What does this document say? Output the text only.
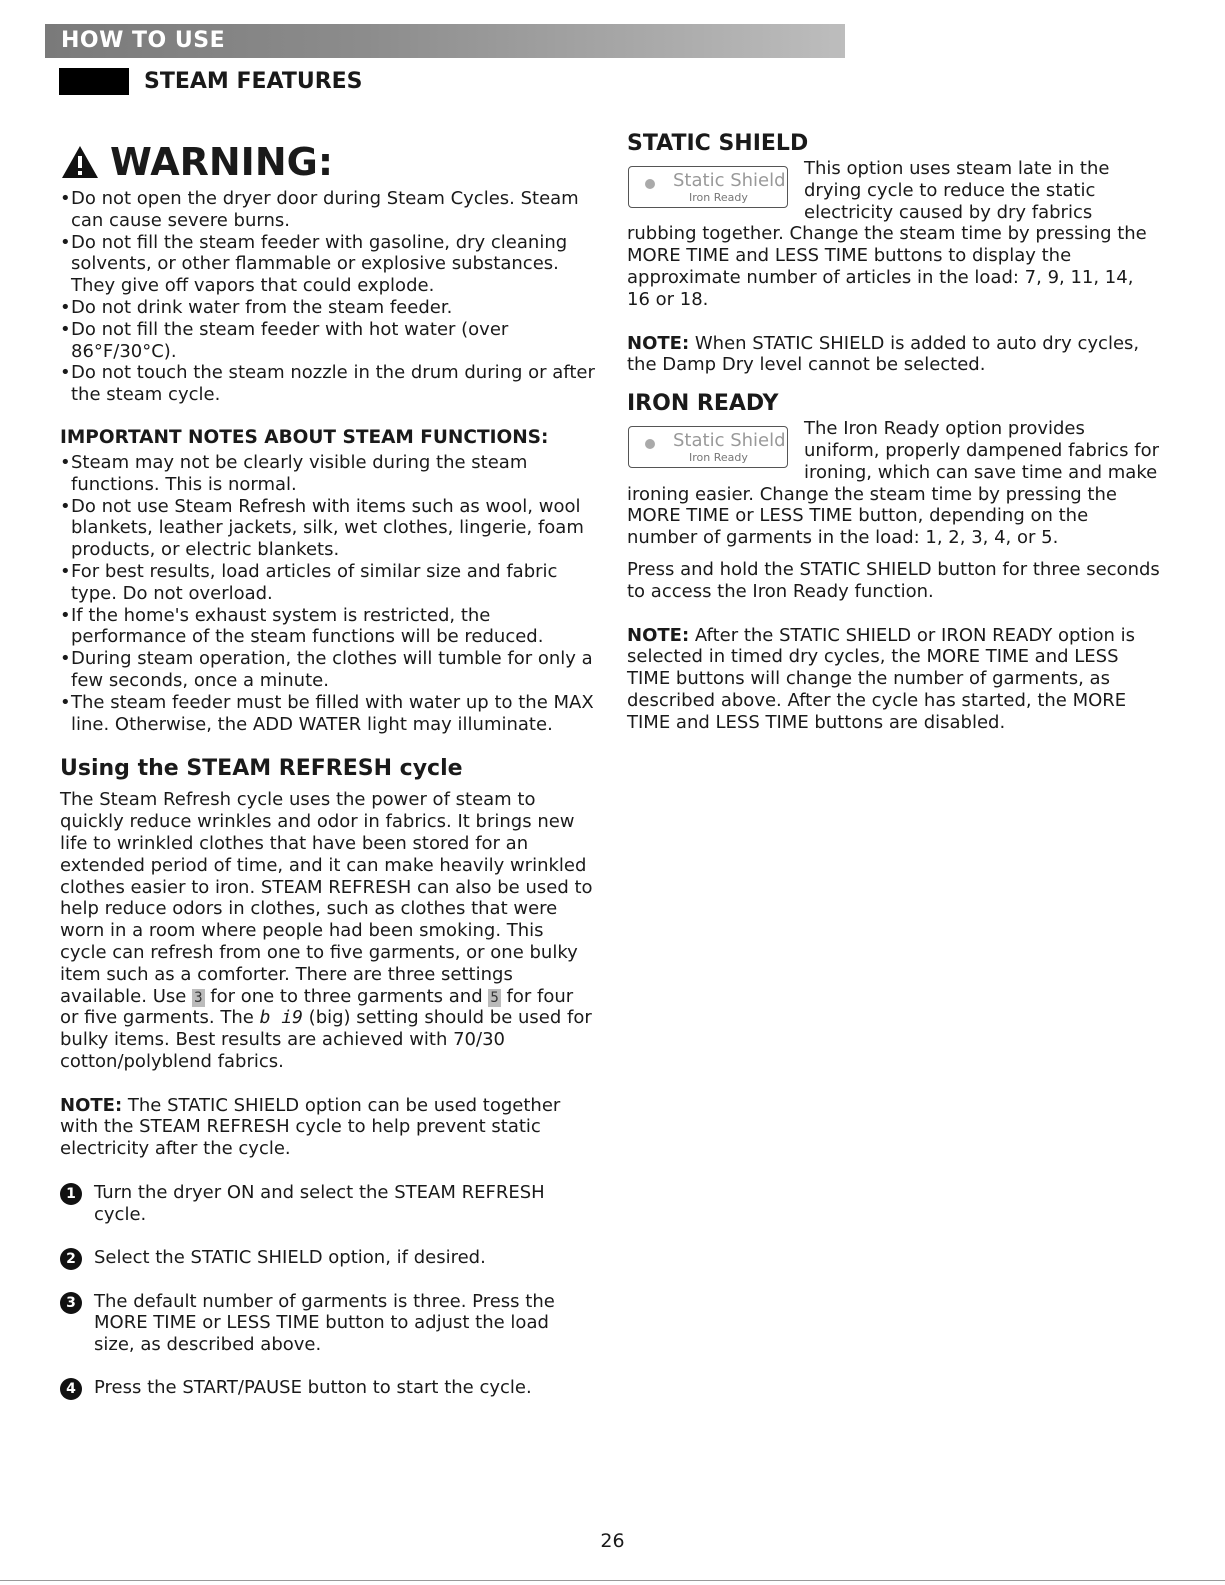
HOW TO USE
STEAM FEATURES
WARNING:
• Do not open the dryer door during Steam Cycles. Steam can cause severe burns.
• Do not fill the steam feeder with gasoline, dry cleaning solvents, or other flammable or explosive substances. They give off vapors that could explode.
• Do not drink water from the steam feeder.
• Do not fill the steam feeder with hot water (over 86°F/30°C).
• Do not touch the steam nozzle in the drum during or after the steam cycle.
IMPORTANT NOTES ABOUT STEAM FUNCTIONS:
• Steam may not be clearly visible during the steam functions. This is normal.
• Do not use Steam Refresh with items such as wool, wool blankets, leather jackets, silk, wet clothes, lingerie, foam products, or electric blankets.
• For best results, load articles of similar size and fabric type. Do not overload.
• If the home's exhaust system is restricted, the performance of the steam functions will be reduced.
• During steam operation, the clothes will tumble for only a few seconds, once a minute.
• The steam feeder must be filled with water up to the MAX line. Otherwise, the ADD WATER light may illuminate.
Using the STEAM REFRESH cycle

The Steam Refresh cycle uses the power of steam to quickly reduce wrinkles and odor in fabrics. It brings new life to wrinkled clothes that have been stored for an extended period of time, and it can make heavily wrinkled clothes easier to iron. STEAM REFRESH can also be used to help reduce odors in clothes, such as clothes that were worn in a room where people had been smoking. This cycle can refresh from one to five garments, or one bulky item such as a comforter. There are three settings available. Use 3 for one to three garments and 5 for four or five garments. The b i9 (big) setting should be used for bulky items. Best results are achieved with 70/30 cotton/polyblend fabrics.

NOTE: The STATIC SHIELD option can be used together with the STEAM REFRESH cycle to help prevent static electricity after the cycle.

1	Turn the dryer ON and select the STEAM REFRESH cycle.
2	Select the STATIC SHIELD option, if desired.
3	The default number of garments is three. Press the MORE TIME or LESS TIME button to adjust the load size, as described above.
4	Press the START/PAUSE button to start the cycle.
STATIC SHIELD
Static Shield
Iron Ready

This option uses steam late in the drying cycle to reduce the static electricity caused by dry fabrics rubbing together. Change the steam time by pressing the MORE TIME and LESS TIME buttons to display the approximate number of articles in the load: 7, 9, 11, 14, 16 or 18.

NOTE: When STATIC SHIELD is added to auto dry cycles, the Damp Dry level cannot be selected.

IRON READY
Static Shield
Iron Ready

The Iron Ready option provides uniform, properly dampened fabrics for ironing, which can save time and make ironing easier. Change the steam time by pressing the MORE TIME or LESS TIME button, depending on the number of garments in the load: 1, 2, 3, 4, or 5.

Press and hold the STATIC SHIELD button for three seconds to access the Iron Ready function.

NOTE: After the STATIC SHIELD or IRON READY option is selected in timed dry cycles, the MORE TIME and LESS TIME buttons will change the number of garments, as described above. After the cycle has started, the MORE TIME and LESS TIME buttons are disabled.

26
